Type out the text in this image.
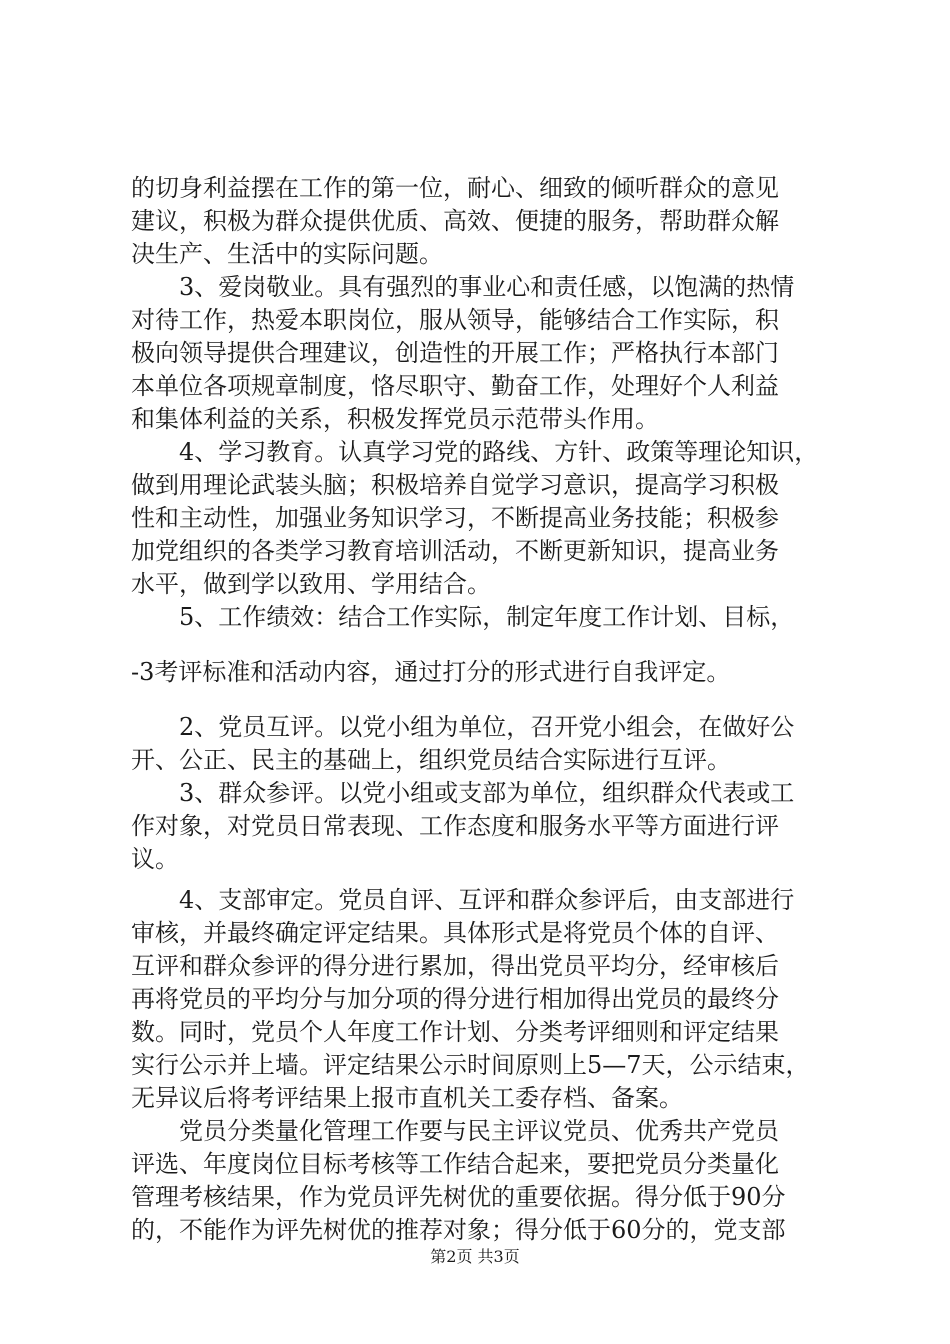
的切身利益摆在工作的第一位，耐心、细致的倾听群众的意见
建议，积极为群众提供优质、高效、便捷的服务，帮助群众解
决生产、生活中的实际问题。
3、爱岗敬业。具有强烈的事业心和责任感，以饱满的热情
对待工作，热爱本职岗位，服从领导，能够结合工作实际，积
极向领导提供合理建议，创造性的开展工作；严格执行本部门
本单位各项规章制度，恪尽职守、勤奋工作，处理好个人利益
和集体利益的关系，积极发挥党员示范带头作用。
4、学习教育。认真学习党的路线、方针、政策等理论知识，
做到用理论武装头脑；积极培养自觉学习意识，提高学习积极
性和主动性，加强业务知识学习，不断提高业务技能；积极参
加党组织的各类学习教育培训活动，不断更新知识，提高业务
水平，做到学以致用、学用结合。
5、工作绩效：结合工作实际，制定年度工作计划、目标，
-3考评标准和活动内容，通过打分的形式进行自我评定。
2、党员互评。以党小组为单位，召开党小组会，在做好公
开、公正、民主的基础上，组织党员结合实际进行互评。
3、群众参评。以党小组或支部为单位，组织群众代表或工
作对象，对党员日常表现、工作态度和服务水平等方面进行评
议。
4、支部审定。党员自评、互评和群众参评后，由支部进行
审核，并最终确定评定结果。具体形式是将党员个体的自评、
互评和群众参评的得分进行累加，得出党员平均分，经审核后
再将党员的平均分与加分项的得分进行相加得出党员的最终分
数。同时，党员个人年度工作计划、分类考评细则和评定结果
实行公示并上墙。评定结果公示时间原则上5—7天，公示结束，
无异议后将考评结果上报市直机关工委存档、备案。
党员分类量化管理工作要与民主评议党员、优秀共产党员
评选、年度岗位目标考核等工作结合起来，要把党员分类量化
管理考核结果，作为党员评先树优的重要依据。得分低于90分
的，不能作为评先树优的推荐对象；得分低于60分的，党支部
第2页 共3页
